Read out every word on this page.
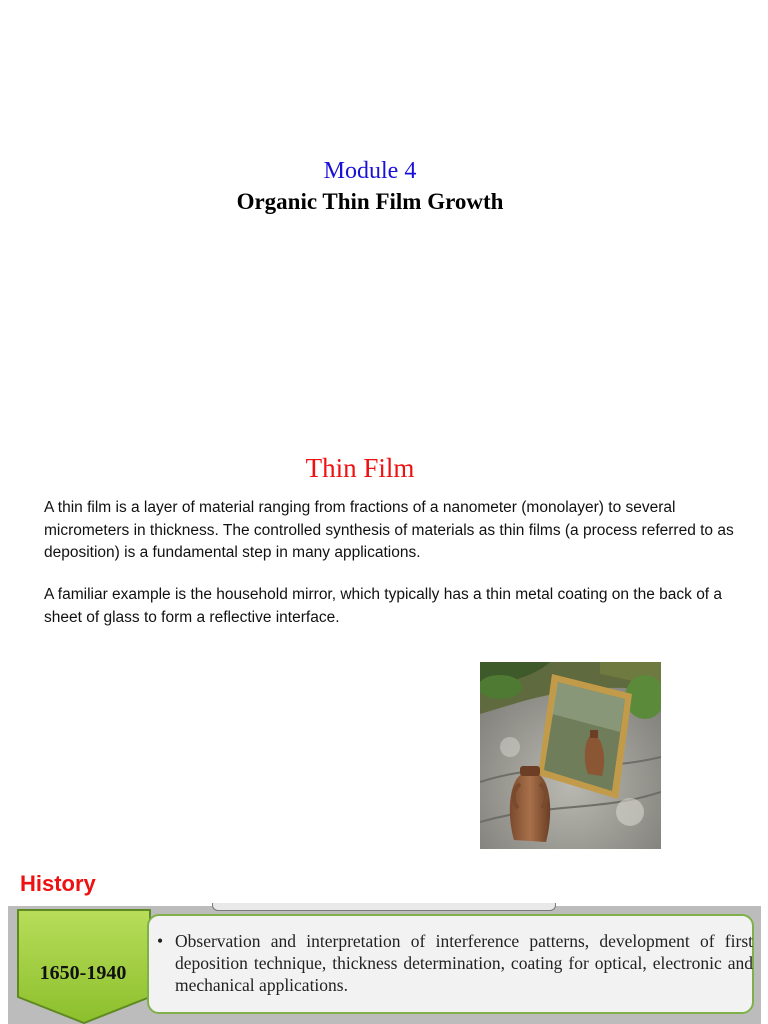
Module 4
Organic Thin Film Growth
Thin Film

A thin film is a layer of material ranging from fractions of a nanometer (monolayer) to several micrometers in thickness. The controlled synthesis of materials as thin films (a process referred to as deposition) is a fundamental step in many applications.

A familiar example is the household mirror, which typically has a thin metal coating on the back of a sheet of glass to form a reflective interface.

History
1650-1940
• Observation and interpretation of interference patterns, development of first deposition technique, thickness determination, coating for optical, electronic and mechanical applications.
